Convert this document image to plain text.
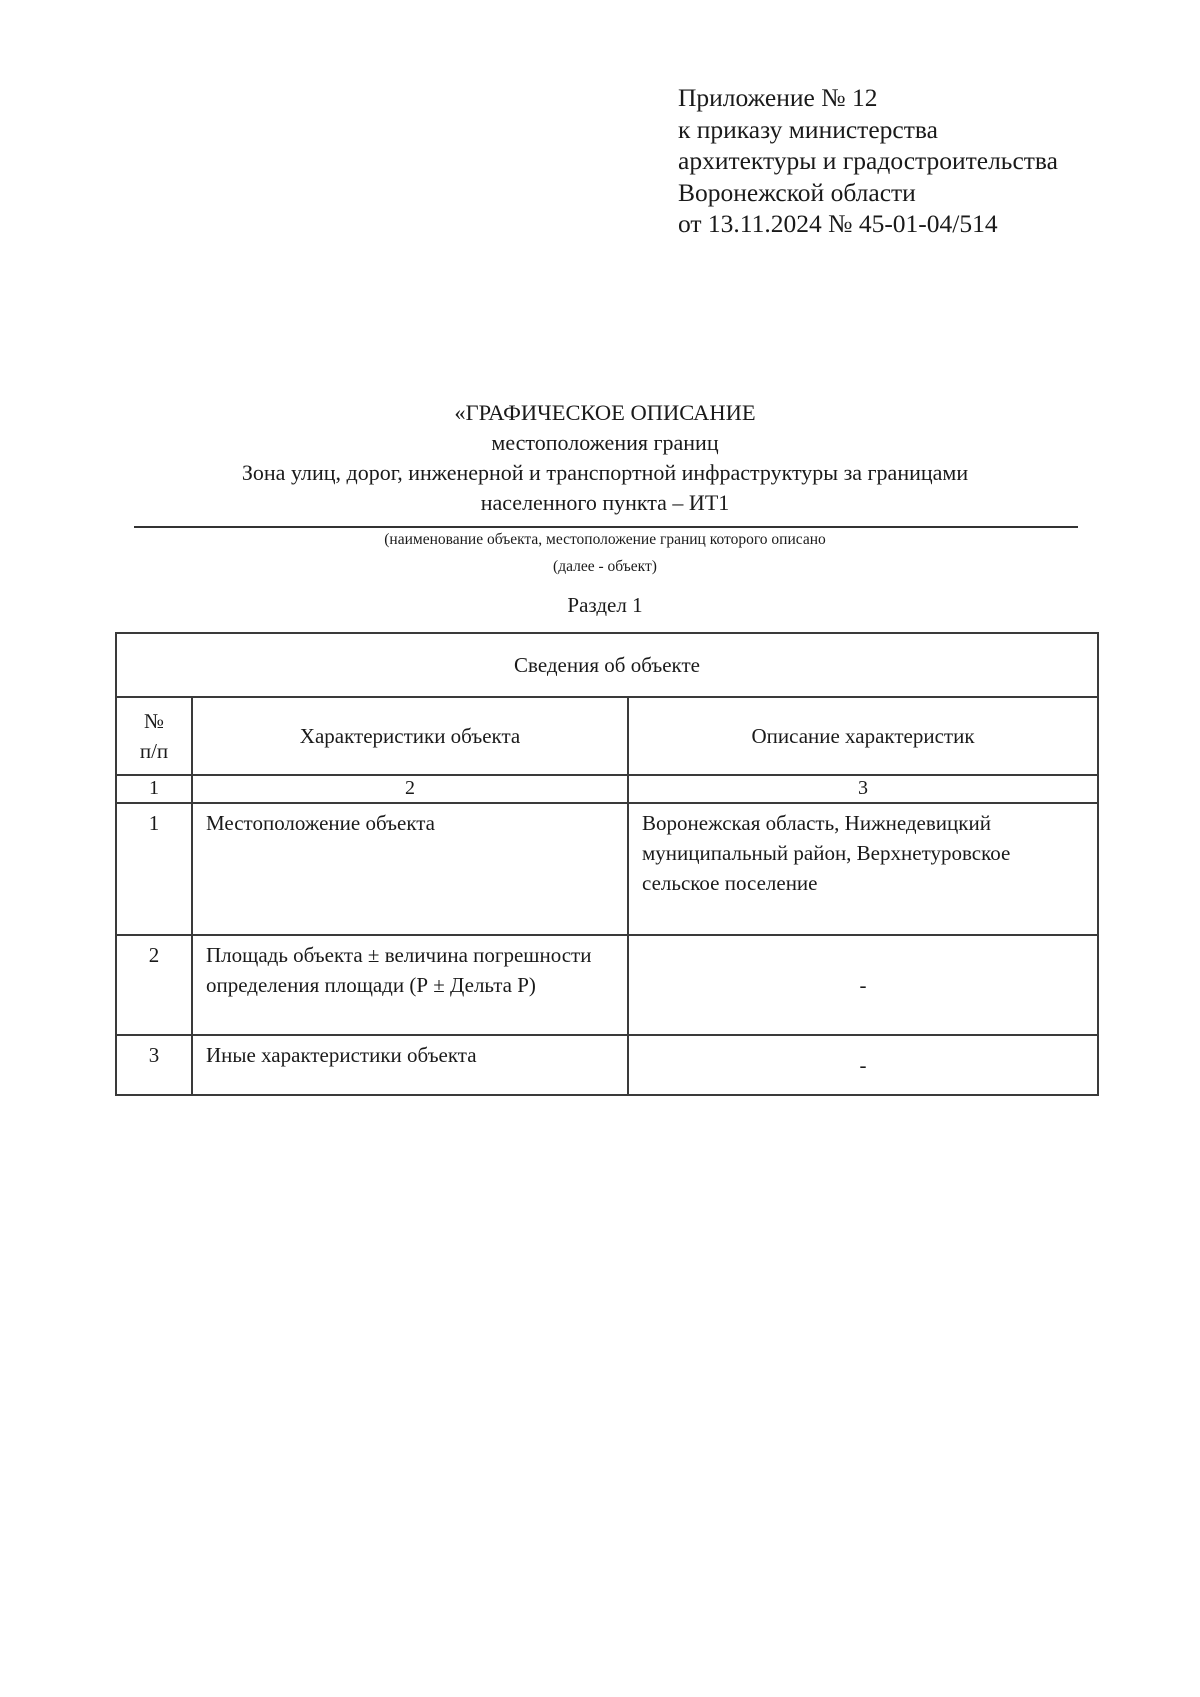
Приложение № 12
к приказу министерства
архитектуры и градостроительства
Воронежской области
от 13.11.2024 № 45-01-04/514
«ГРАФИЧЕСКОЕ ОПИСАНИЕ
местоположения границ
Зона улиц, дорог, инженерной и транспортной инфраструктуры за границами
населенного пункта – ИТ1
(наименование объекта, местоположение границ которого описано
(далее - объект)
Раздел 1
Сведения об объекте		

№
п/п	Характеристики объекта	Описание характеристик
1	2	3
1	Местоположение объекта	Воронежская область, Нижнедевицкий муниципальный район, Верхнетуровское сельское поселение
2	Площадь объекта ± величина погрешности определения площади (Р ± Дельта Р)	-
3	Иные характеристики объекта	-
